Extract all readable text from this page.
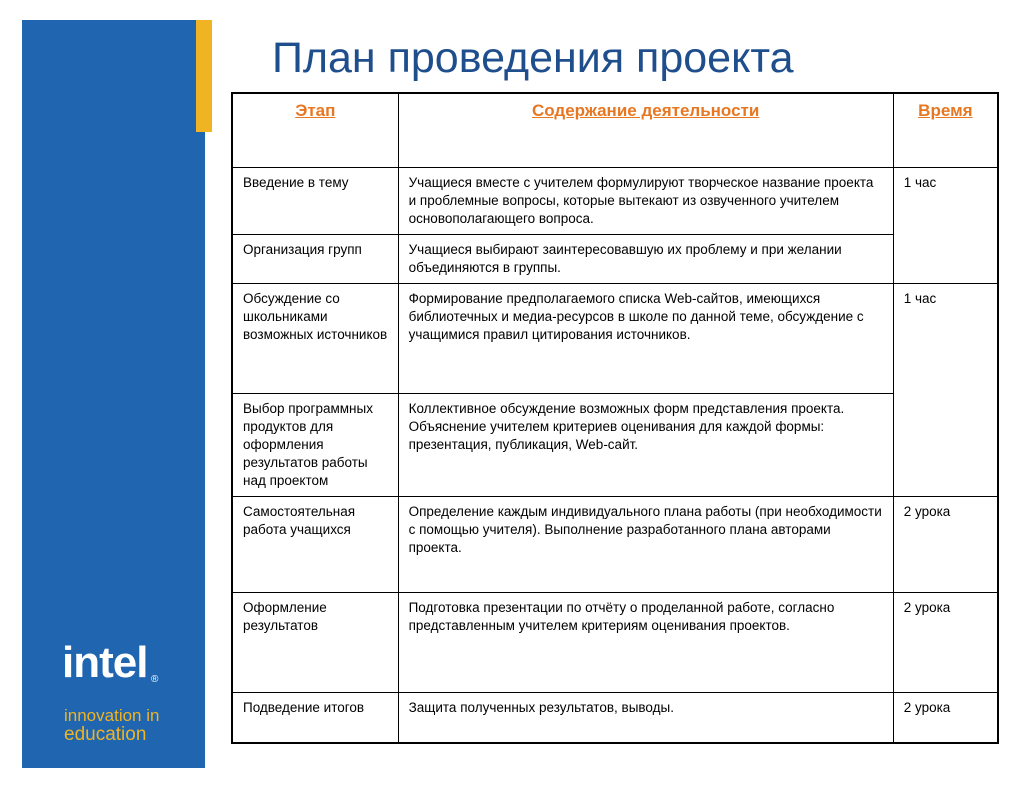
intel ®
innovation in
education
План проведения проекта
Этап	Содержание деятельности	Время
Введение в тему	Учащиеся вместе с учителем формулируют творческое название проекта и проблемные вопросы, которые вытекают из озвученного учителем основополагающего вопроса.	1 час
Организация групп	Учащиеся выбирают заинтересовавшую их проблему и при желании объединяются в группы.	
Обсуждение со школьниками возможных источников	Формирование предполагаемого списка Web-сайтов, имеющихся библиотечных и медиа-ресурсов в школе по данной теме, обсуждение с учащимися правил цитирования источников.	1 час
Выбор программных продуктов для оформления результатов работы над проектом	Коллективное обсуждение возможных форм представления проекта. Объяснение учителем критериев оценивания для каждой формы: презентация, публикация, Web-сайт.	
Самостоятельная работа учащихся	Определение каждым индивидуального плана работы (при необходимости с помощью учителя). Выполнение разработанного плана авторами проекта.	2 урока
Оформление результатов	Подготовка презентации по отчёту о проделанной работе, согласно представленным учителем критериям оценивания проектов.	2 урока
Подведение итогов	Защита полученных результатов, выводы.	2 урока
